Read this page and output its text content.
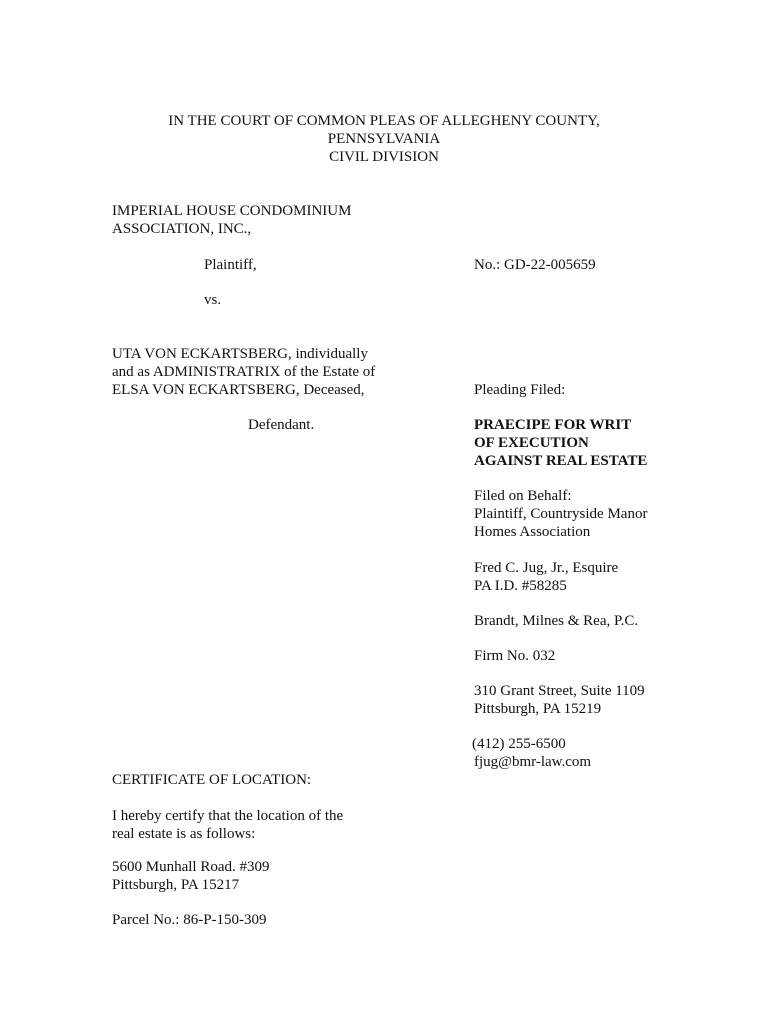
IN THE COURT OF COMMON PLEAS OF ALLEGHENY COUNTY,
PENNSYLVANIA
CIVIL DIVISION
IMPERIAL HOUSE CONDOMINIUM
ASSOCIATION, INC.,
Plaintiff,	No.: GD-22-005659
vs.
UTA VON ECKARTSBERG, individually
and as ADMINISTRATRIX of the Estate of
ELSA VON ECKARTSBERG, Deceased,
Defendant.
Pleading Filed:
PRAECIPE FOR WRIT
OF EXECUTION
AGAINST REAL ESTATE
Filed on Behalf:
Plaintiff, Countryside Manor
Homes Association
Fred C. Jug, Jr., Esquire
PA I.D. #58285
Brandt, Milnes & Rea, P.C.
Firm No. 032
310 Grant Street, Suite 1109
Pittsburgh, PA 15219
(412) 255-6500
fjug@bmr-law.com
CERTIFICATE OF LOCATION:
I hereby certify that the location of the
real estate is as follows:
5600 Munhall Road. #309
Pittsburgh, PA 15217
Parcel No.: 86-P-150-309
